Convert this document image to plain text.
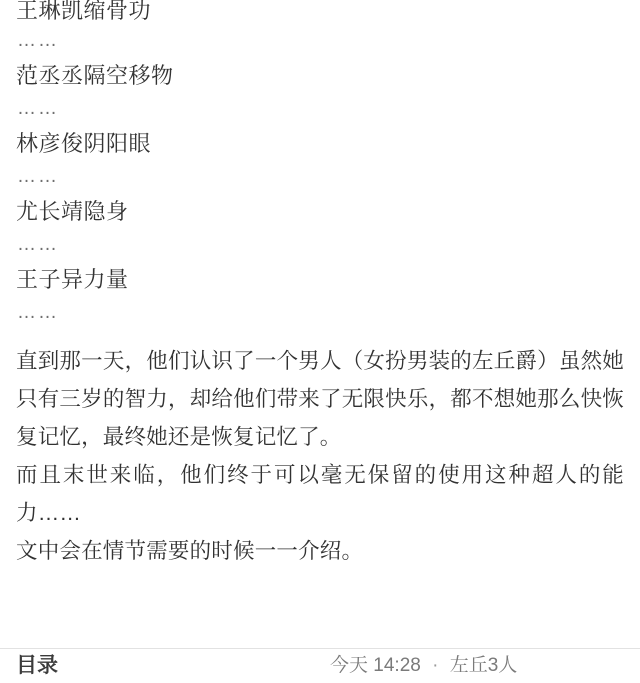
王琳凯缩骨功
……
范丞丞隔空移物
……
林彦俊阴阳眼
……
尤长靖隐身
……
王子异力量
……

直到那一天，他们认识了一个男人（女扮男装的左丘爵）虽然她只有三岁的智力，却给他们带来了无限快乐，都不想她那么快恢复记忆，最终她还是恢复记忆了。

而且末世来临，他们终于可以毫无保留的使用这种超人的能力……

文中会在情节需要的时候一一介绍。

目录	今天 14:28 · 左丘3人
